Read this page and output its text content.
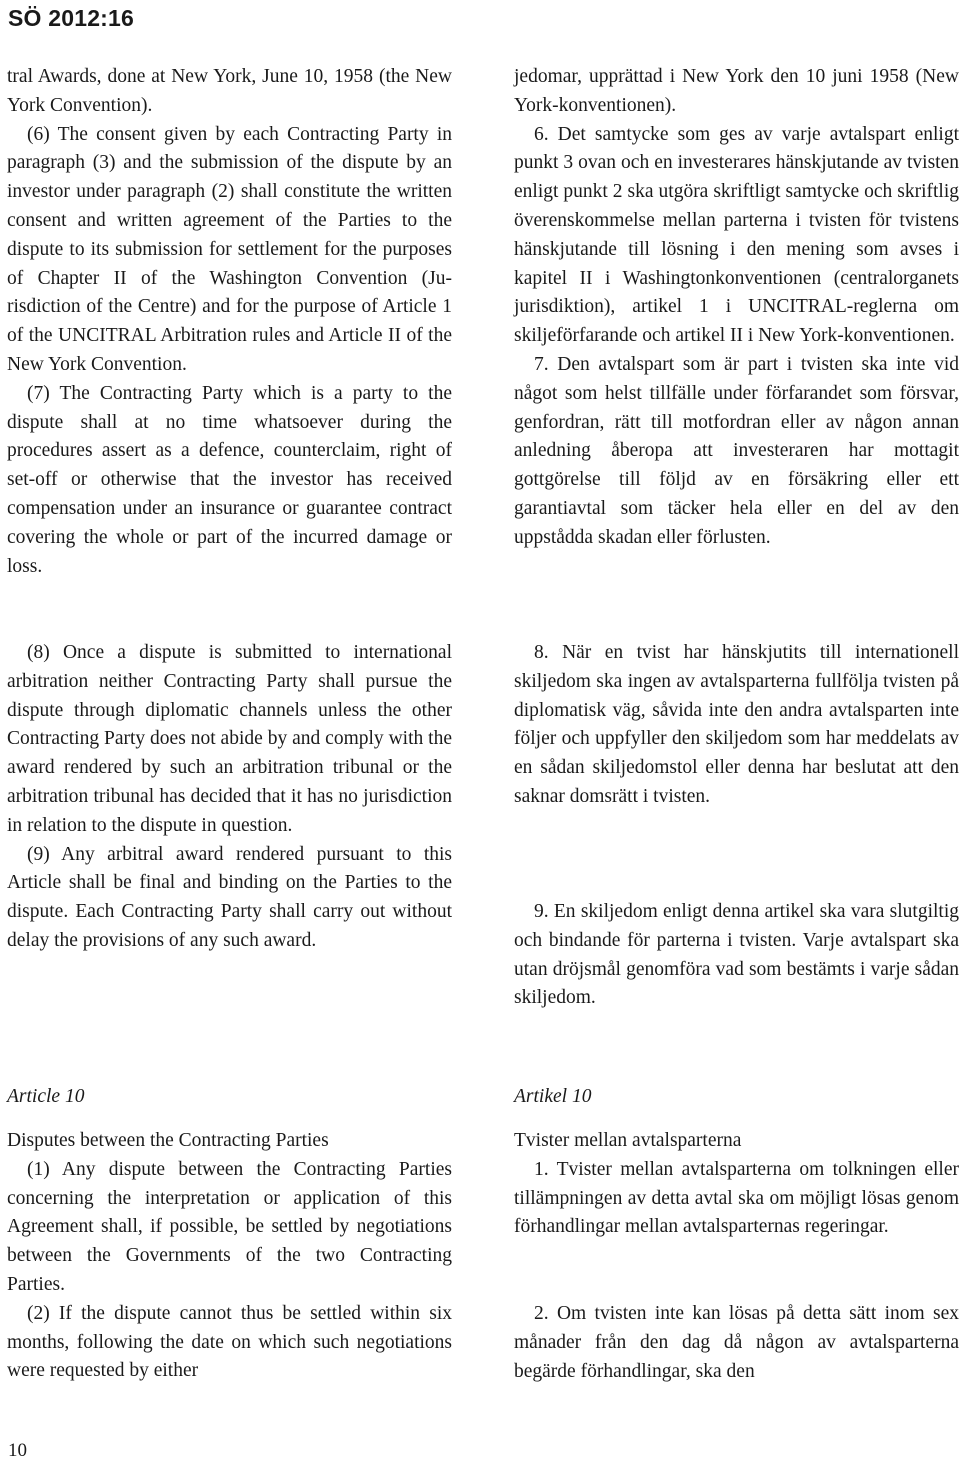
SÖ 2012:16

tral Awards, done at New York, June 10, 1958 (the New York Convention).

(6) The consent given by each Contracting Party in paragraph (3) and the submission of the dispute by an investor under paragraph (2) shall constitute the written consent and written agreement of the Parties to the dispute to its submission for settlement for the purposes of Chapter II of the Washington Convention (Jurisdiction of the Centre) and for the purpose of Article 1 of the UNCITRAL Arbitration rules and Article II of the New York Convention.

(7) The Contracting Party which is a party to the dispute shall at no time whatsoever during the procedures assert as a defence, counterclaim, right of set-off or otherwise that the investor has received compensation under an insurance or guarantee contract covering the whole or part of the incurred damage or loss.

(8) Once a dispute is submitted to international arbitration neither Contracting Party shall pursue the dispute through diplomatic channels unless the other Contracting Party does not abide by and comply with the award rendered by such an arbitration tribunal or the arbitration tribunal has decided that it has no jurisdiction in relation to the dispute in question.

(9) Any arbitral award rendered pursuant to this Article shall be final and binding on the Parties to the dispute. Each Contracting Party shall carry out without delay the provisions of any such award.

Article 10

Disputes between the Contracting Parties

(1) Any dispute between the Contracting Parties concerning the interpretation or application of this Agreement shall, if possible, be settled by negotiations between the Governments of the two Contracting Parties.

(2) If the dispute cannot thus be settled within six months, following the date on which such negotiations were requested by either

jedomar, upprättad i New York den 10 juni 1958 (New York-konventionen).

6. Det samtycke som ges av varje avtalspart enligt punkt 3 ovan och en investerares hänskjutande av tvisten enligt punkt 2 ska utgöra skriftligt samtycke och skriftlig överenskommelse mellan parterna i tvisten för tvistens hänskjutande till lösning i den mening som avses i kapitel II i Washingtonkonventionen (centralorganets jurisdiktion), artikel 1 i UNCITRAL-reglerna om skiljeförfarande och artikel II i New York-konventionen.

7. Den avtalspart som är part i tvisten ska inte vid något som helst tillfälle under förfarandet som försvar, genfordran, rätt till motfordran eller av någon annan anledning åberopa att investeraren har mottagit gottgörelse till följd av en försäkring eller ett garantiavtal som täcker hela eller en del av den uppstådda skadan eller förlusten.

8. När en tvist har hänskjutits till internationell skiljedom ska ingen av avtalsparterna fullfölja tvisten på diplomatisk väg, såvida inte den andra avtalsparten inte följer och uppfyller den skiljedom som har meddelats av en sådan skiljedomstol eller denna har beslutat att den saknar domsrätt i tvisten.

9. En skiljedom enligt denna artikel ska vara slutgiltig och bindande för parterna i tvisten. Varje avtalspart ska utan dröjsmål genomföra vad som bestämts i varje sådan skiljedom.

Artikel 10

Tvister mellan avtalsparterna

1. Tvister mellan avtalsparterna om tolkningen eller tillämpningen av detta avtal ska om möjligt lösas genom förhandlingar mellan avtalsparternas regeringar.

2. Om tvisten inte kan lösas på detta sätt inom sex månader från den dag då någon av avtalsparterna begärde förhandlingar, ska den

10
